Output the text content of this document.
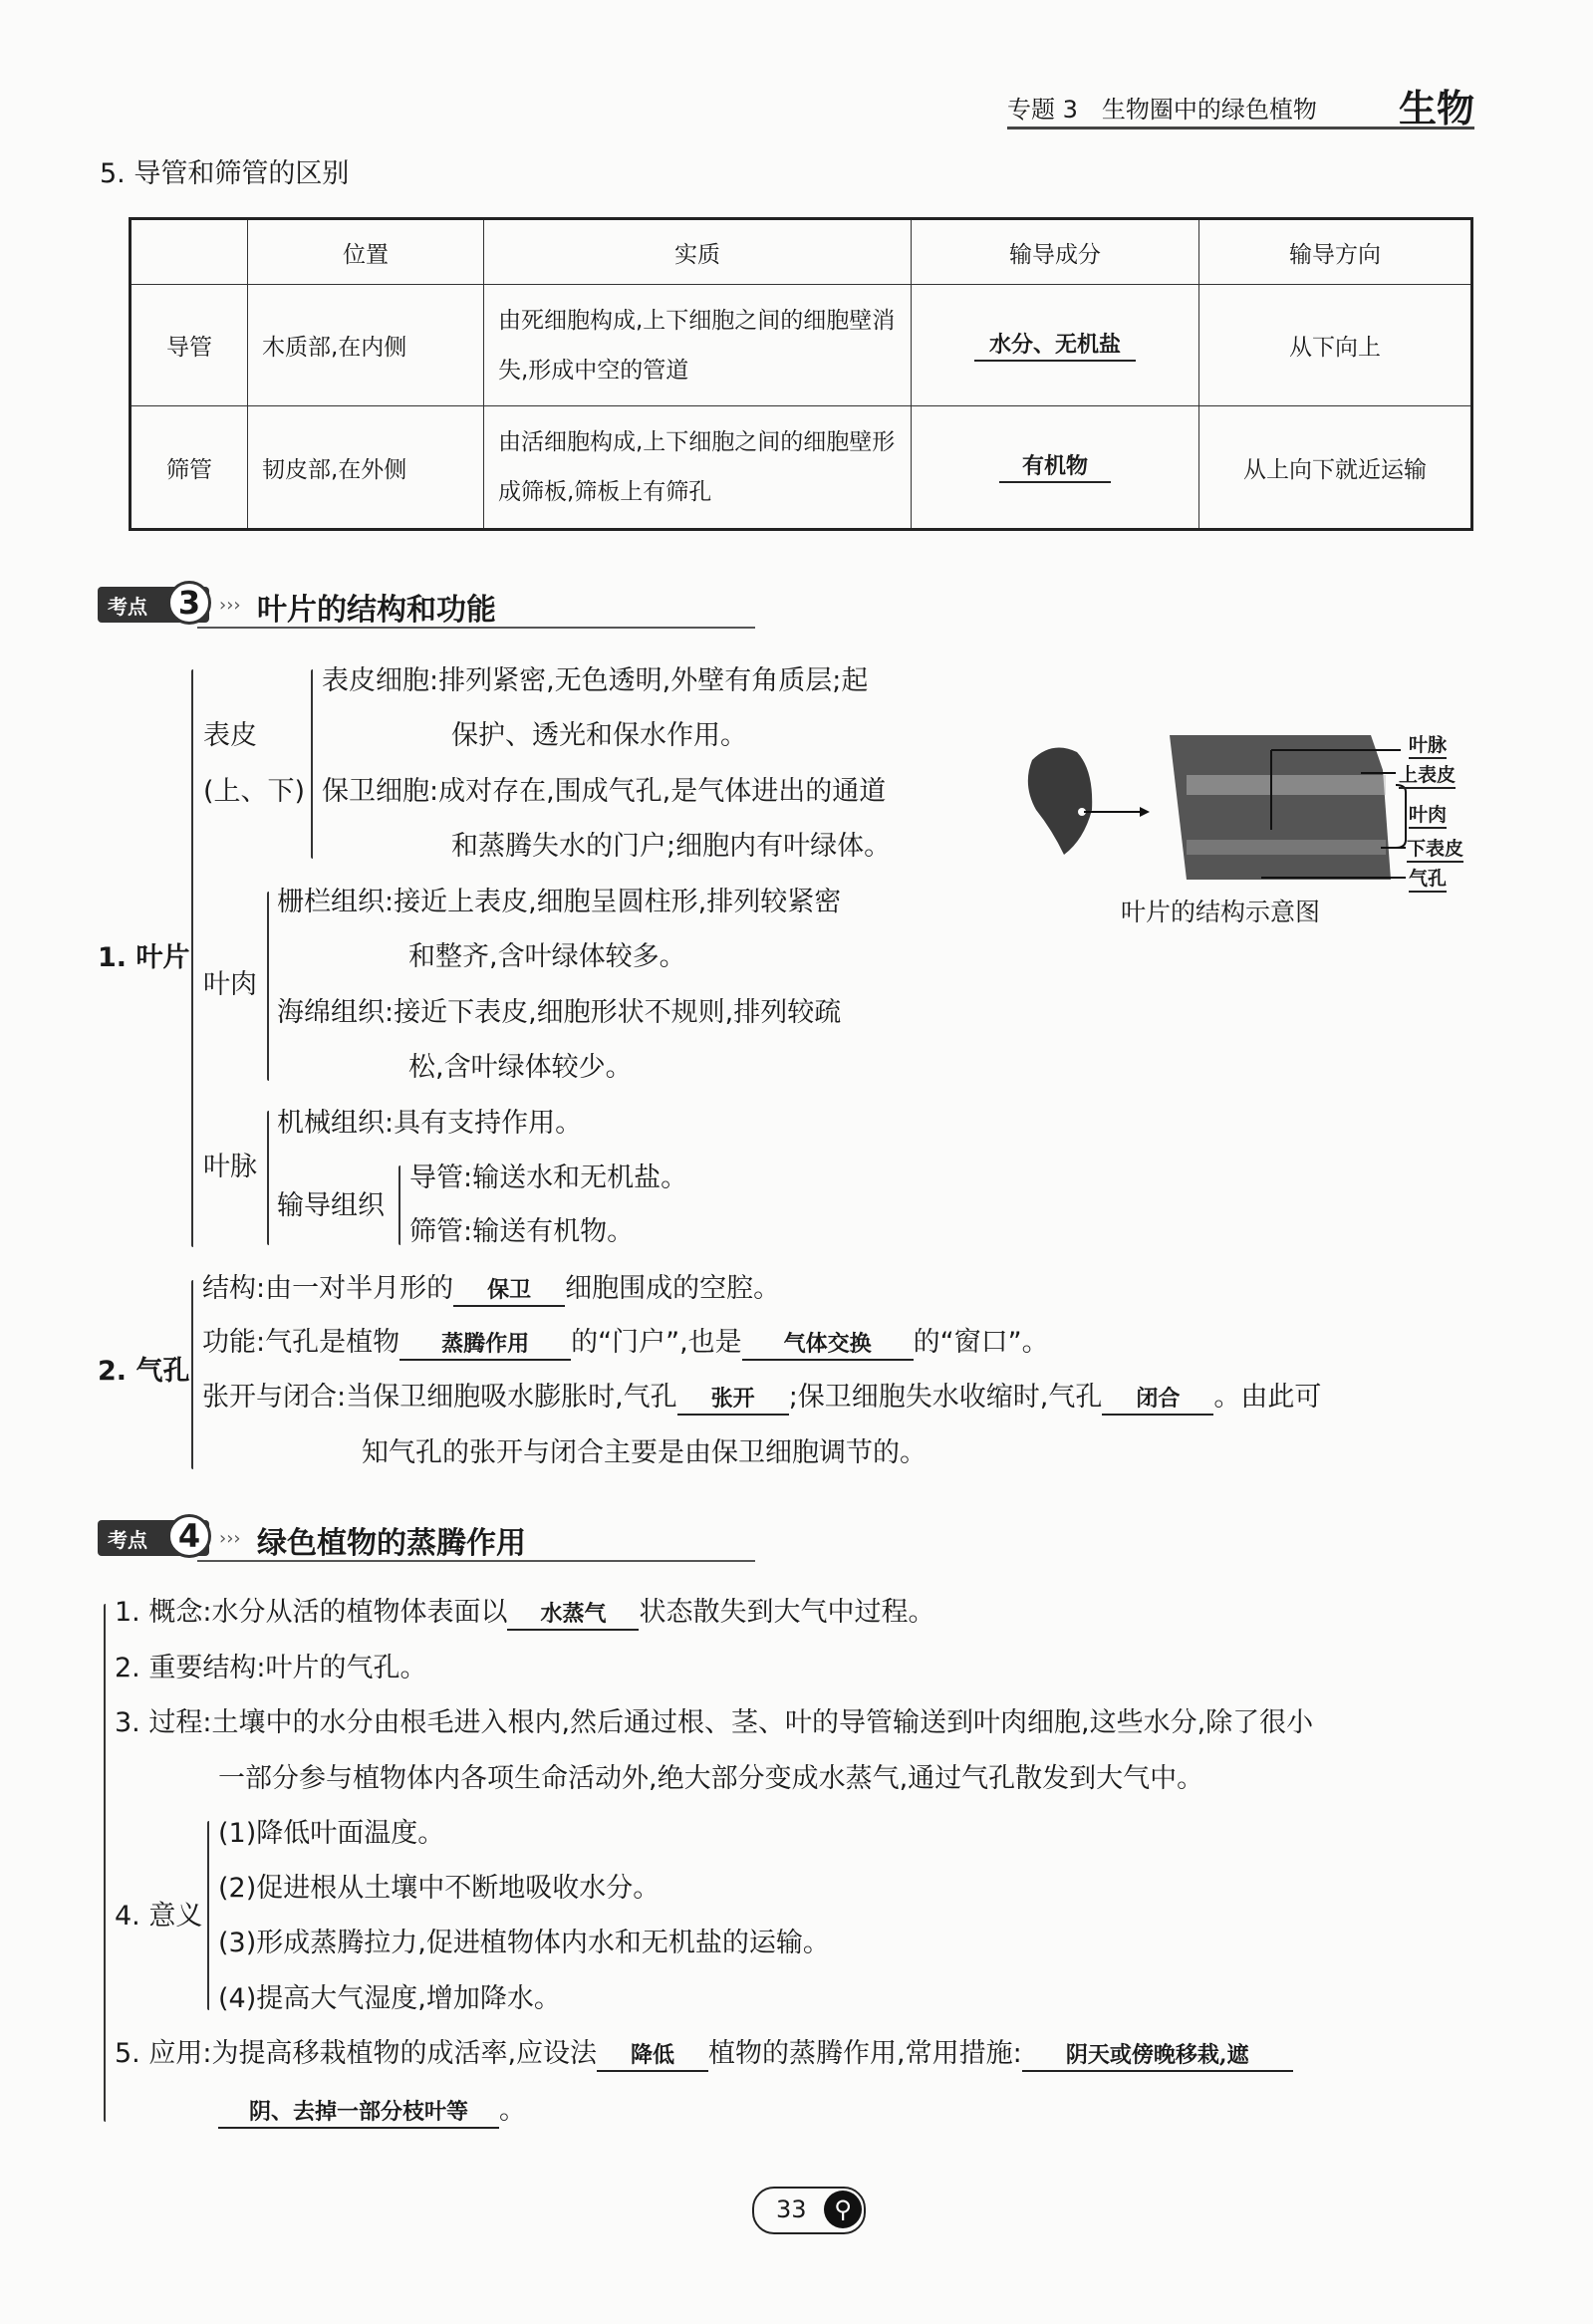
专题 3　生物圈中的绿色植物 生物
5. 导管和筛管的区别
	位置	实质	输导成分	输导方向
导管	木质部,在内侧	由死细胞构成,上下细胞之间的细胞壁消失,形成中空的管道	水分、无机盐	从下向上
筛管	韧皮部,在外侧	由活细胞构成,上下细胞之间的细胞壁形成筛板,筛板上有筛孔	有机物	从上向下就近运输
考点 3	››› 叶片的结构和功能
1. 叶片
表皮
(上、下)
表皮细胞:排列紧密,无色透明,外壁有角质层;起
保护、透光和保水作用。
保卫细胞:成对存在,围成气孔,是气体进出的通道
和蒸腾失水的门户;细胞内有叶绿体。
叶肉
栅栏组织:接近上表皮,细胞呈圆柱形,排列较紧密
和整齐,含叶绿体较多。
海绵组织:接近下表皮,细胞形状不规则,排列较疏
松,含叶绿体较少。
叶脉
机械组织:具有支持作用。
输导组织
导管:输送水和无机盐。
筛管:输送有机物。
叶脉
上表皮
叶肉
下表皮
气孔
叶片的结构示意图
2. 气孔
结构:由一对半月形的 保卫 细胞围成的空腔。
功能:气孔是植物 蒸腾作用 的“门户”,也是 气体交换 的“窗口”。
张开与闭合:当保卫细胞吸水膨胀时,气孔 张开 ;保卫细胞失水收缩时,气孔 闭合 。由此可
知气孔的张开与闭合主要是由保卫细胞调节的。
考点 4	››› 绿色植物的蒸腾作用
1. 概念:水分从活的植物体表面以 水蒸气 状态散失到大气中过程。
2. 重要结构:叶片的气孔。
3. 过程:土壤中的水分由根毛进入根内,然后通过根、茎、叶的导管输送到叶肉细胞,这些水分,除了很小
一部分参与植物体内各项生命活动外,绝大部分变成水蒸气,通过气孔散发到大气中。
4. 意义
(1)降低叶面温度。
(2)促进根从土壤中不断地吸收水分。
(3)形成蒸腾拉力,促进植物体内水和无机盐的运输。
(4)提高大气湿度,增加降水。
5. 应用:为提高移栽植物的成活率,应设法 降低 植物的蒸腾作用,常用措施: 阴天或傍晚移栽,遮
阴、去掉一部分枝叶等 。
33	⚲
